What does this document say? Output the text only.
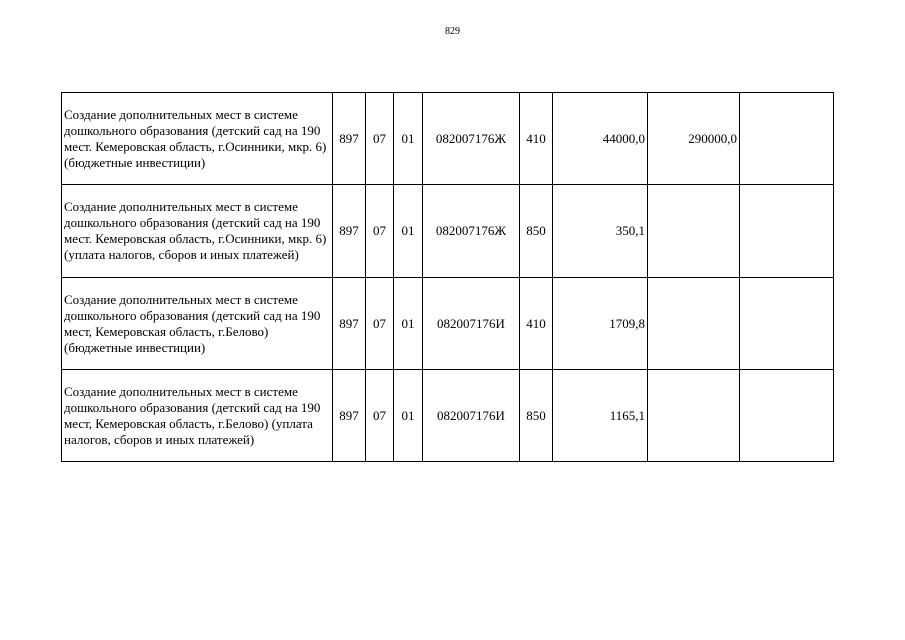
829
Создание дополнительных мест в системе дошкольного образования (детский сад на 190 мест. Кемеровская область, г.Осинники, мкр. 6) (бюджетные инвестиции)	897	07	01	082007176Ж	410	44000,0	290000,0	
Создание дополнительных мест в системе дошкольного образования (детский сад на 190 мест. Кемеровская область, г.Осинники, мкр. 6) (уплата налогов, сборов и иных платежей)	897	07	01	082007176Ж	850	350,1		
Создание дополнительных мест в системе дошкольного образования (детский сад на 190 мест, Кемеровская область, г.Белово) (бюджетные инвестиции)	897	07	01	082007176И	410	1709,8		
Создание дополнительных мест в системе дошкольного образования (детский сад на 190 мест, Кемеровская область, г.Белово) (уплата налогов, сборов и иных платежей)	897	07	01	082007176И	850	1165,1		
